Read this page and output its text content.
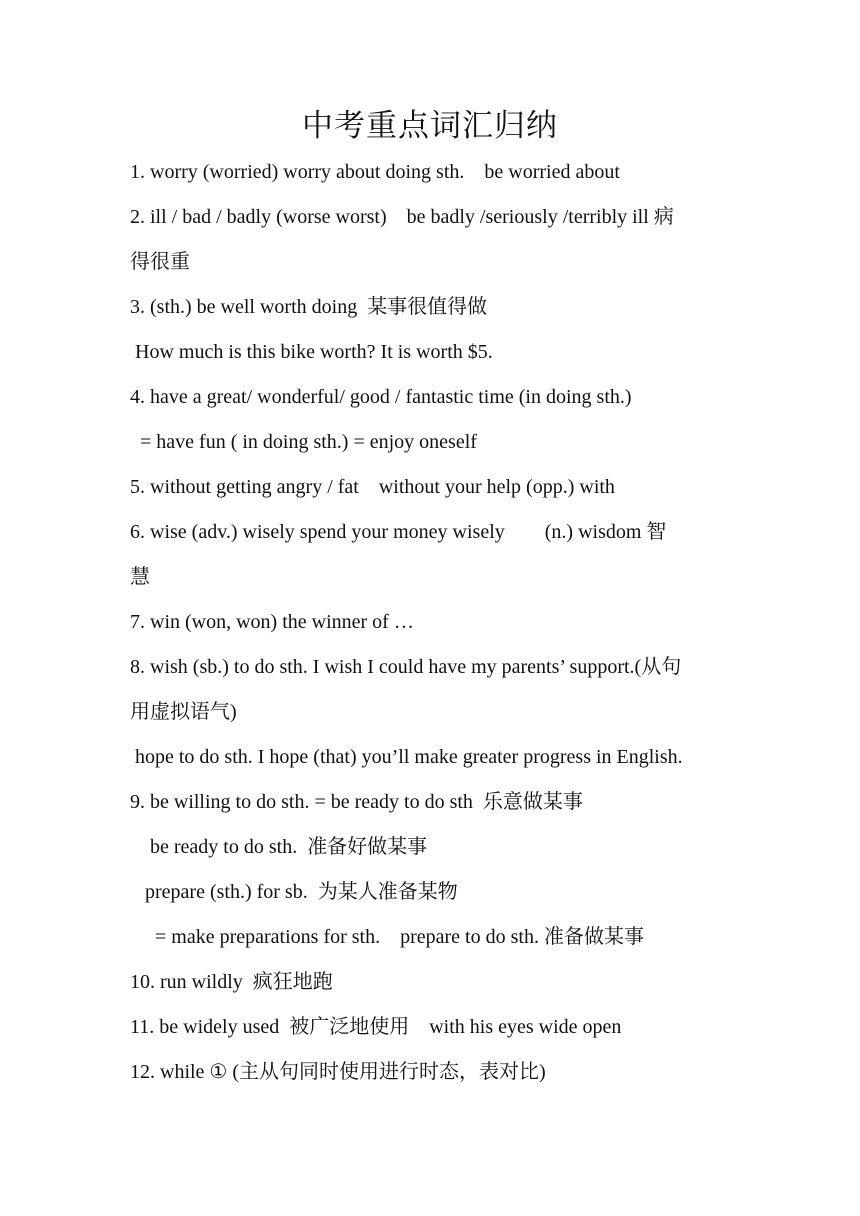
中考重点词汇归纳
1. worry (worried) worry about doing sth.    be worried about
2. ill / bad / badly (worse worst)    be badly /seriously /terribly ill 病
得很重
3. (sth.) be well worth doing  某事很值得做
How much is this bike worth? It is worth $5.
4. have a great/ wonderful/ good / fantastic time (in doing sth.)
= have fun ( in doing sth.) = enjoy oneself
5. without getting angry / fat    without your help (opp.) with
6. wise (adv.) wisely spend your money wisely        (n.) wisdom 智
慧
7. win (won, won) the winner of …
8. wish (sb.) to do sth. I wish I could have my parents’ support.(从句
用虚拟语气)
hope to do sth. I hope (that) you’ll make greater progress in English.
9. be willing to do sth. = be ready to do sth  乐意做某事
be ready to do sth.  准备好做某事
prepare (sth.) for sb.  为某人准备某物
= make preparations for sth.    prepare to do sth. 准备做某事
10. run wildly  疯狂地跑
11. be widely used  被广泛地使用    with his eyes wide open
12. while ① (主从句同时使用进行时态，表对比)
